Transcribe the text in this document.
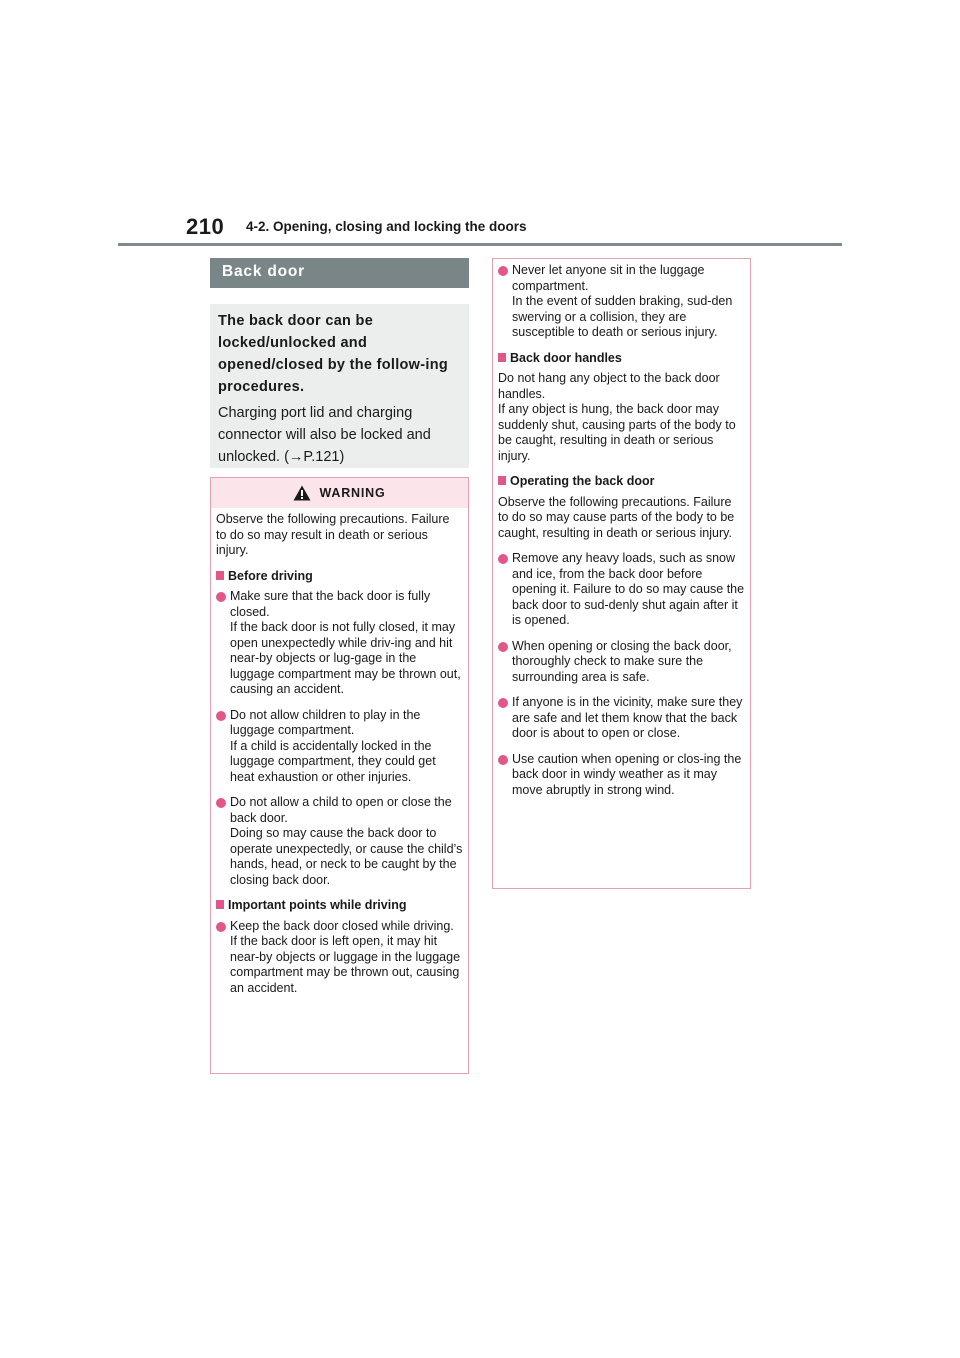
210 4-2. Opening, closing and locking the doors
Back door
The back door can be locked/unlocked and opened/closed by the follow-ing procedures.
Charging port lid and charging connector will also be locked and unlocked. (→P.121)
WARNING

Observe the following precautions. Failure to do so may result in death or serious injury.

Before driving
Make sure that the back door is fully closed.
If the back door is not fully closed, it may open unexpectedly while driv-ing and hit near-by objects or lug-gage in the luggage compartment may be thrown out, causing an accident.
Do not allow children to play in the luggage compartment.
If a child is accidentally locked in the luggage compartment, they could get heat exhaustion or other injuries.
Do not allow a child to open or close the back door.
Doing so may cause the back door to operate unexpectedly, or cause the child’s hands, head, or neck to be caught by the closing back door.
Important points while driving
Keep the back door closed while driving.
If the back door is left open, it may hit near-by objects or luggage in the luggage compartment may be thrown out, causing an accident.
Never let anyone sit in the luggage compartment.
In the event of sudden braking, sud-den swerving or a collision, they are susceptible to death or serious injury.
Back door handles

Do not hang any object to the back door handles.
If any object is hung, the back door may suddenly shut, causing parts of the body to be caught, resulting in death or serious injury.

Operating the back door

Observe the following precautions. Failure to do so may cause parts of the body to be caught, resulting in death or serious injury.

Remove any heavy loads, such as snow and ice, from the back door before opening it. Failure to do so may cause the back door to sud-denly shut again after it is opened.
When opening or closing the back door, thoroughly check to make sure the surrounding area is safe.
If anyone is in the vicinity, make sure they are safe and let them know that the back door is about to open or close.
Use caution when opening or clos-ing the back door in windy weather as it may move abruptly in strong wind.
